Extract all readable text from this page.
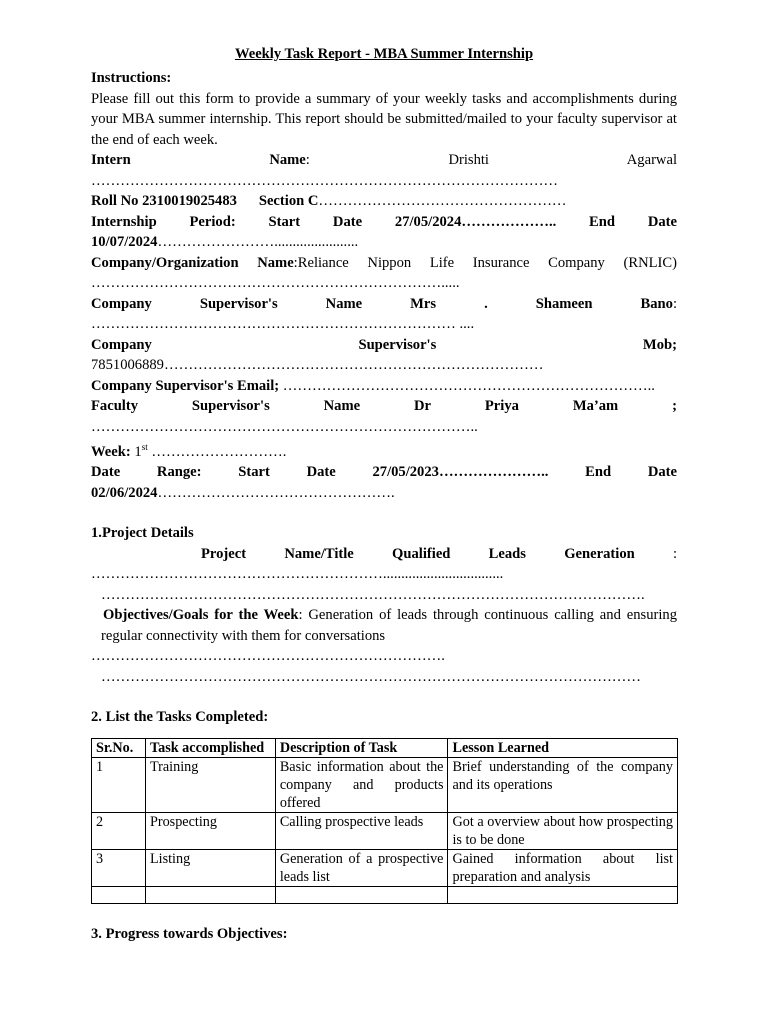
Weekly Task Report - MBA Summer Internship

Instructions:

Please fill out this form to provide a summary of your weekly tasks and accomplishments during your MBA summer internship. This report should be submitted/mailed to your faculty supervisor at the end of each week.

Intern	Name:	Drishti	Agarwal

……………………………………………………………………………………

Roll No 2310019025483 Section C……………………………………………

Internship Period: Start Date 27/05/2024……………….. End Date

10/07/2024…………………….......................

Company/Organization Name:Reliance Nippon Life Insurance Company (RNLIC)

……………………………………………………………….....

Company	Supervisor's	Name	Mrs	.	Shameen	Bano:

………………………………………………………………… ....

Company	Supervisor's	Mob;

7851006889……………………………………………………………………

Company Supervisor's Email; …………………………………………………………………..

Faculty	Supervisor's	Name	Dr	Priya	Ma’am	;

……………………………………………………………………..

Week: 1st ……………………….

Date	Range:	Start	Date	27/05/2023…………………..	End	Date

02/06/2024………………………………………….

1.Project Details

Project	Name/Title	Qualified	Leads	Generation	:

…………………………………………………….................................

………………………………………………………………………………………………….

Objectives/Goals for the Week: Generation of leads through continuous calling and ensuring regular connectivity with them for conversations

……………………………………………………………….

…………………………………………………………………………………………………

2. List the Tasks Completed:

Sr.No.	Task accomplished	Description of Task	Lesson Learned
1	Training	Basic information about the company and products offered	Brief understanding of the company and its operations
2	Prospecting	Calling prospective leads	Got a overview about how prospecting is to be done
3	Listing	Generation of a prospective leads list	Gained information about list preparation and analysis

3. Progress towards Objectives:
